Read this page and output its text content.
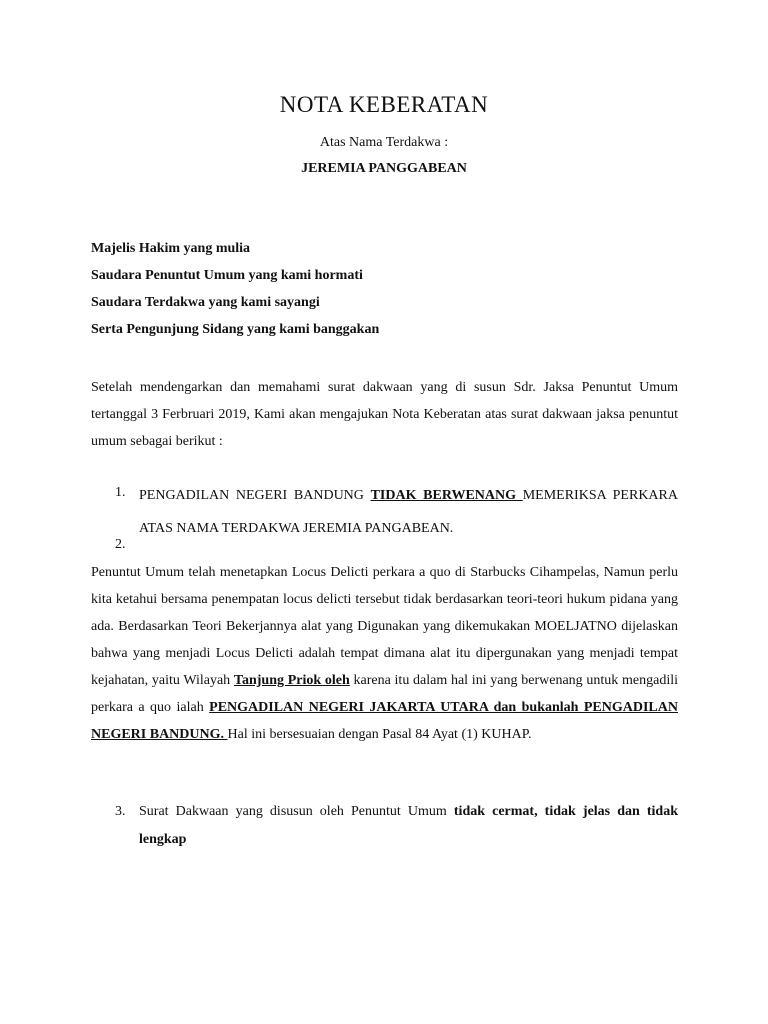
NOTA KEBERATAN
Atas Nama Terdakwa :
JEREMIA PANGGABEAN
Majelis Hakim yang mulia
Saudara Penuntut Umum yang kami hormati
Saudara Terdakwa yang kami sayangi
Serta Pengunjung Sidang yang kami banggakan
Setelah mendengarkan dan memahami surat dakwaan yang di susun Sdr. Jaksa Penuntut Umum tertanggal 3 Ferbruari 2019, Kami akan mengajukan Nota Keberatan atas surat dakwaan jaksa penuntut umum sebagai berikut :
1. PENGADILAN NEGERI BANDUNG TIDAK BERWENANG MEMERIKSA PERKARA ATAS NAMA TERDAKWA JEREMIA PANGABEAN.
2.
Penuntut Umum telah menetapkan Locus Delicti perkara a quo di Starbucks Cihampelas, Namun perlu kita ketahui bersama penempatan locus delicti tersebut tidak berdasarkan teori-teori hukum pidana yang ada. Berdasarkan Teori Bekerjannya alat yang Digunakan yang dikemukakan MOELJATNO dijelaskan bahwa yang menjadi Locus Delicti adalah tempat dimana alat itu dipergunakan yang menjadi tempat kejahatan, yaitu Wilayah Tanjung Priok oleh karena itu dalam hal ini yang berwenang untuk mengadili perkara a quo ialah PENGADILAN NEGERI JAKARTA UTARA dan bukanlah PENGADILAN NEGERI BANDUNG. Hal ini bersesuaian dengan Pasal 84 Ayat (1) KUHAP.
3. Surat Dakwaan yang disusun oleh Penuntut Umum tidak cermat, tidak jelas dan tidak lengkap
